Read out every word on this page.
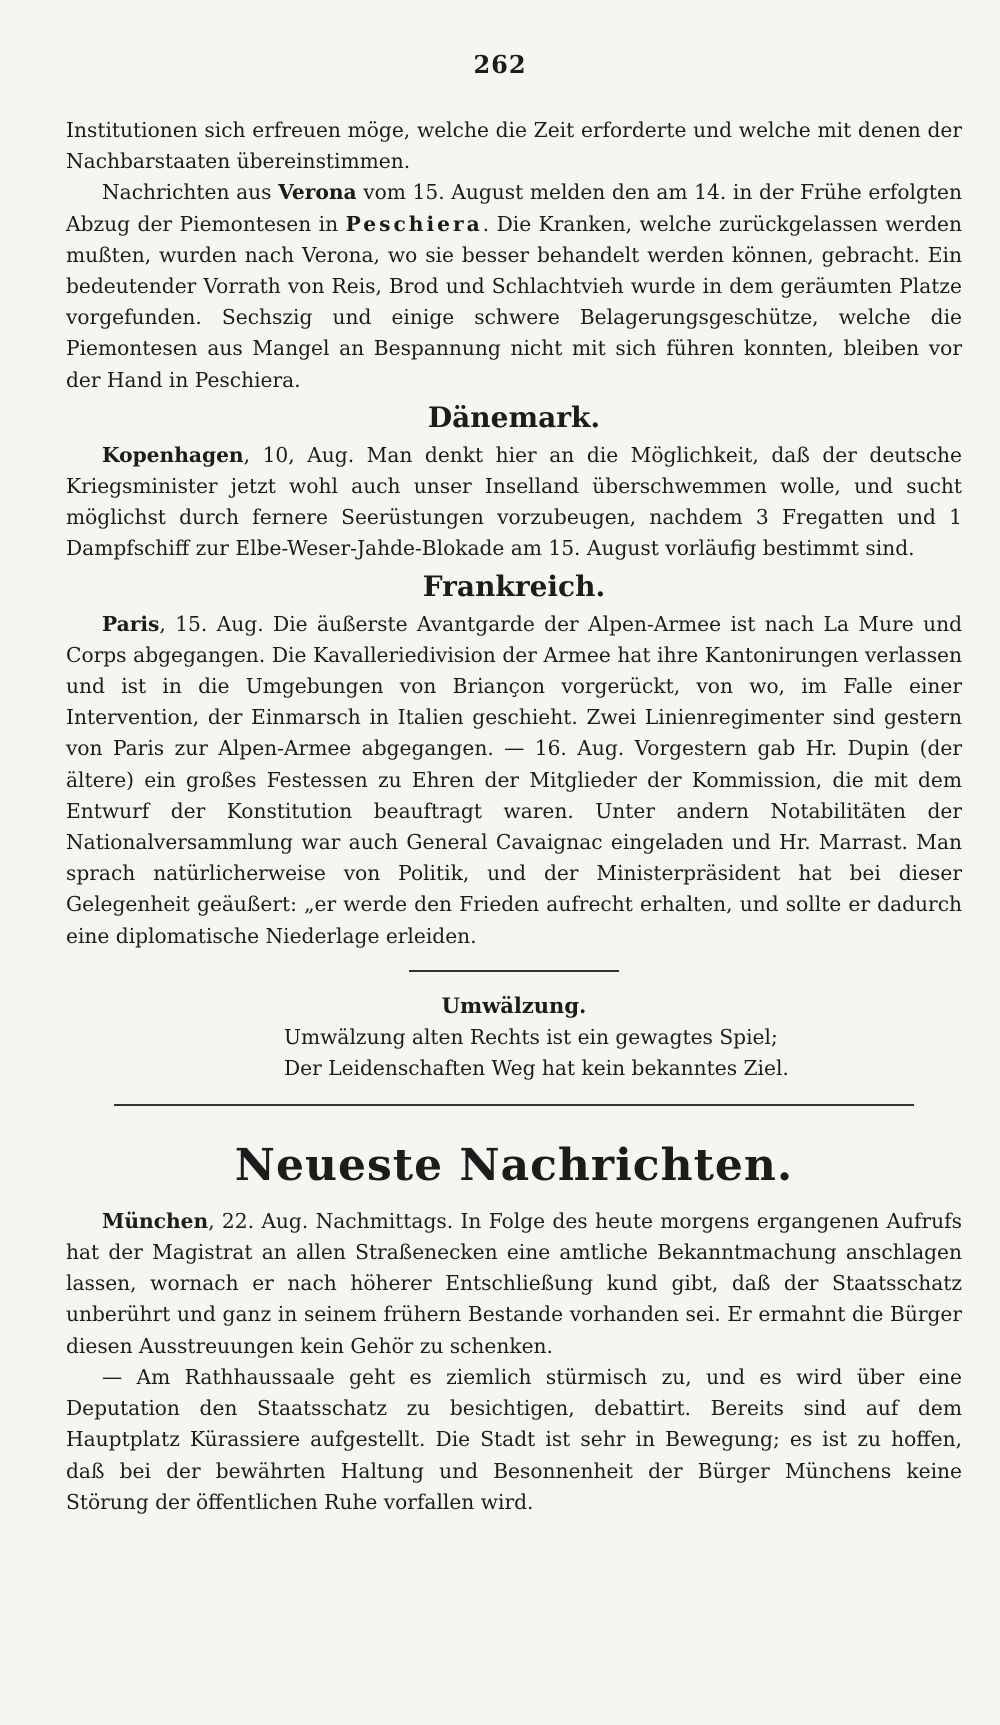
262

Institutionen sich erfreuen möge, welche die Zeit erforderte und welche mit denen der Nachbarstaaten übereinstimmen.

Nachrichten aus Verona vom 15. August melden den am 14. in der Frühe erfolgten Abzug der Piemontesen in Peschiera. Die Kranken, welche zurückgelassen werden mußten, wurden nach Verona, wo sie besser behandelt werden können, gebracht. Ein bedeutender Vorrath von Reis, Brod und Schlachtvieh wurde in dem geräumten Platze vorgefunden. Sechszig und einige schwere Belagerungsgeschütze, welche die Piemontesen aus Mangel an Bespannung nicht mit sich führen konnten, bleiben vor der Hand in Peschiera.

Dänemark.

Kopenhagen, 10, Aug. Man denkt hier an die Möglichkeit, daß der deutsche Kriegsminister jetzt wohl auch unser Inselland überschwemmen wolle, und sucht möglichst durch fernere Seerüstungen vorzubeugen, nachdem 3 Fregatten und 1 Dampfschiff zur Elbe-Weser-Jahde-Blokade am 15. August vorläufig bestimmt sind.

Frankreich.

Paris, 15. Aug. Die äußerste Avantgarde der Alpen-Armee ist nach La Mure und Corps abgegangen. Die Kavalleriedivision der Armee hat ihre Kantonirungen verlassen und ist in die Umgebungen von Briançon vorgerückt, von wo, im Falle einer Intervention, der Einmarsch in Italien geschieht. Zwei Linienregimenter sind gestern von Paris zur Alpen-Armee abgegangen. — 16. Aug. Vorgestern gab Hr. Dupin (der ältere) ein großes Festessen zu Ehren der Mitglieder der Kommission, die mit dem Entwurf der Konstitution beauftragt waren. Unter andern Notabilitäten der Nationalversammlung war auch General Cavaignac eingeladen und Hr. Marrast. Man sprach natürlicherweise von Politik, und der Ministerpräsident hat bei dieser Gelegenheit geäußert: „er werde den Frieden aufrecht erhalten, und sollte er dadurch eine diplomatische Niederlage erleiden.

Umwälzung.

Umwälzung alten Rechts ist ein gewagtes Spiel;

Der Leidenschaften Weg hat kein bekanntes Ziel.

Neueste Nachrichten.

München, 22. Aug. Nachmittags. In Folge des heute morgens ergangenen Aufrufs hat der Magistrat an allen Straßenecken eine amtliche Bekanntmachung anschlagen lassen, wornach er nach höherer Entschließung kund gibt, daß der Staatsschatz unberührt und ganz in seinem frühern Bestande vorhanden sei. Er ermahnt die Bürger diesen Ausstreuungen kein Gehör zu schenken.

— Am Rathhaussaale geht es ziemlich stürmisch zu, und es wird über eine Deputation den Staatsschatz zu besichtigen, debattirt. Bereits sind auf dem Hauptplatz Kürassiere aufgestellt. Die Stadt ist sehr in Bewegung; es ist zu hoffen, daß bei der bewährten Haltung und Besonnenheit der Bürger Münchens keine Störung der öffentlichen Ruhe vorfallen wird.
